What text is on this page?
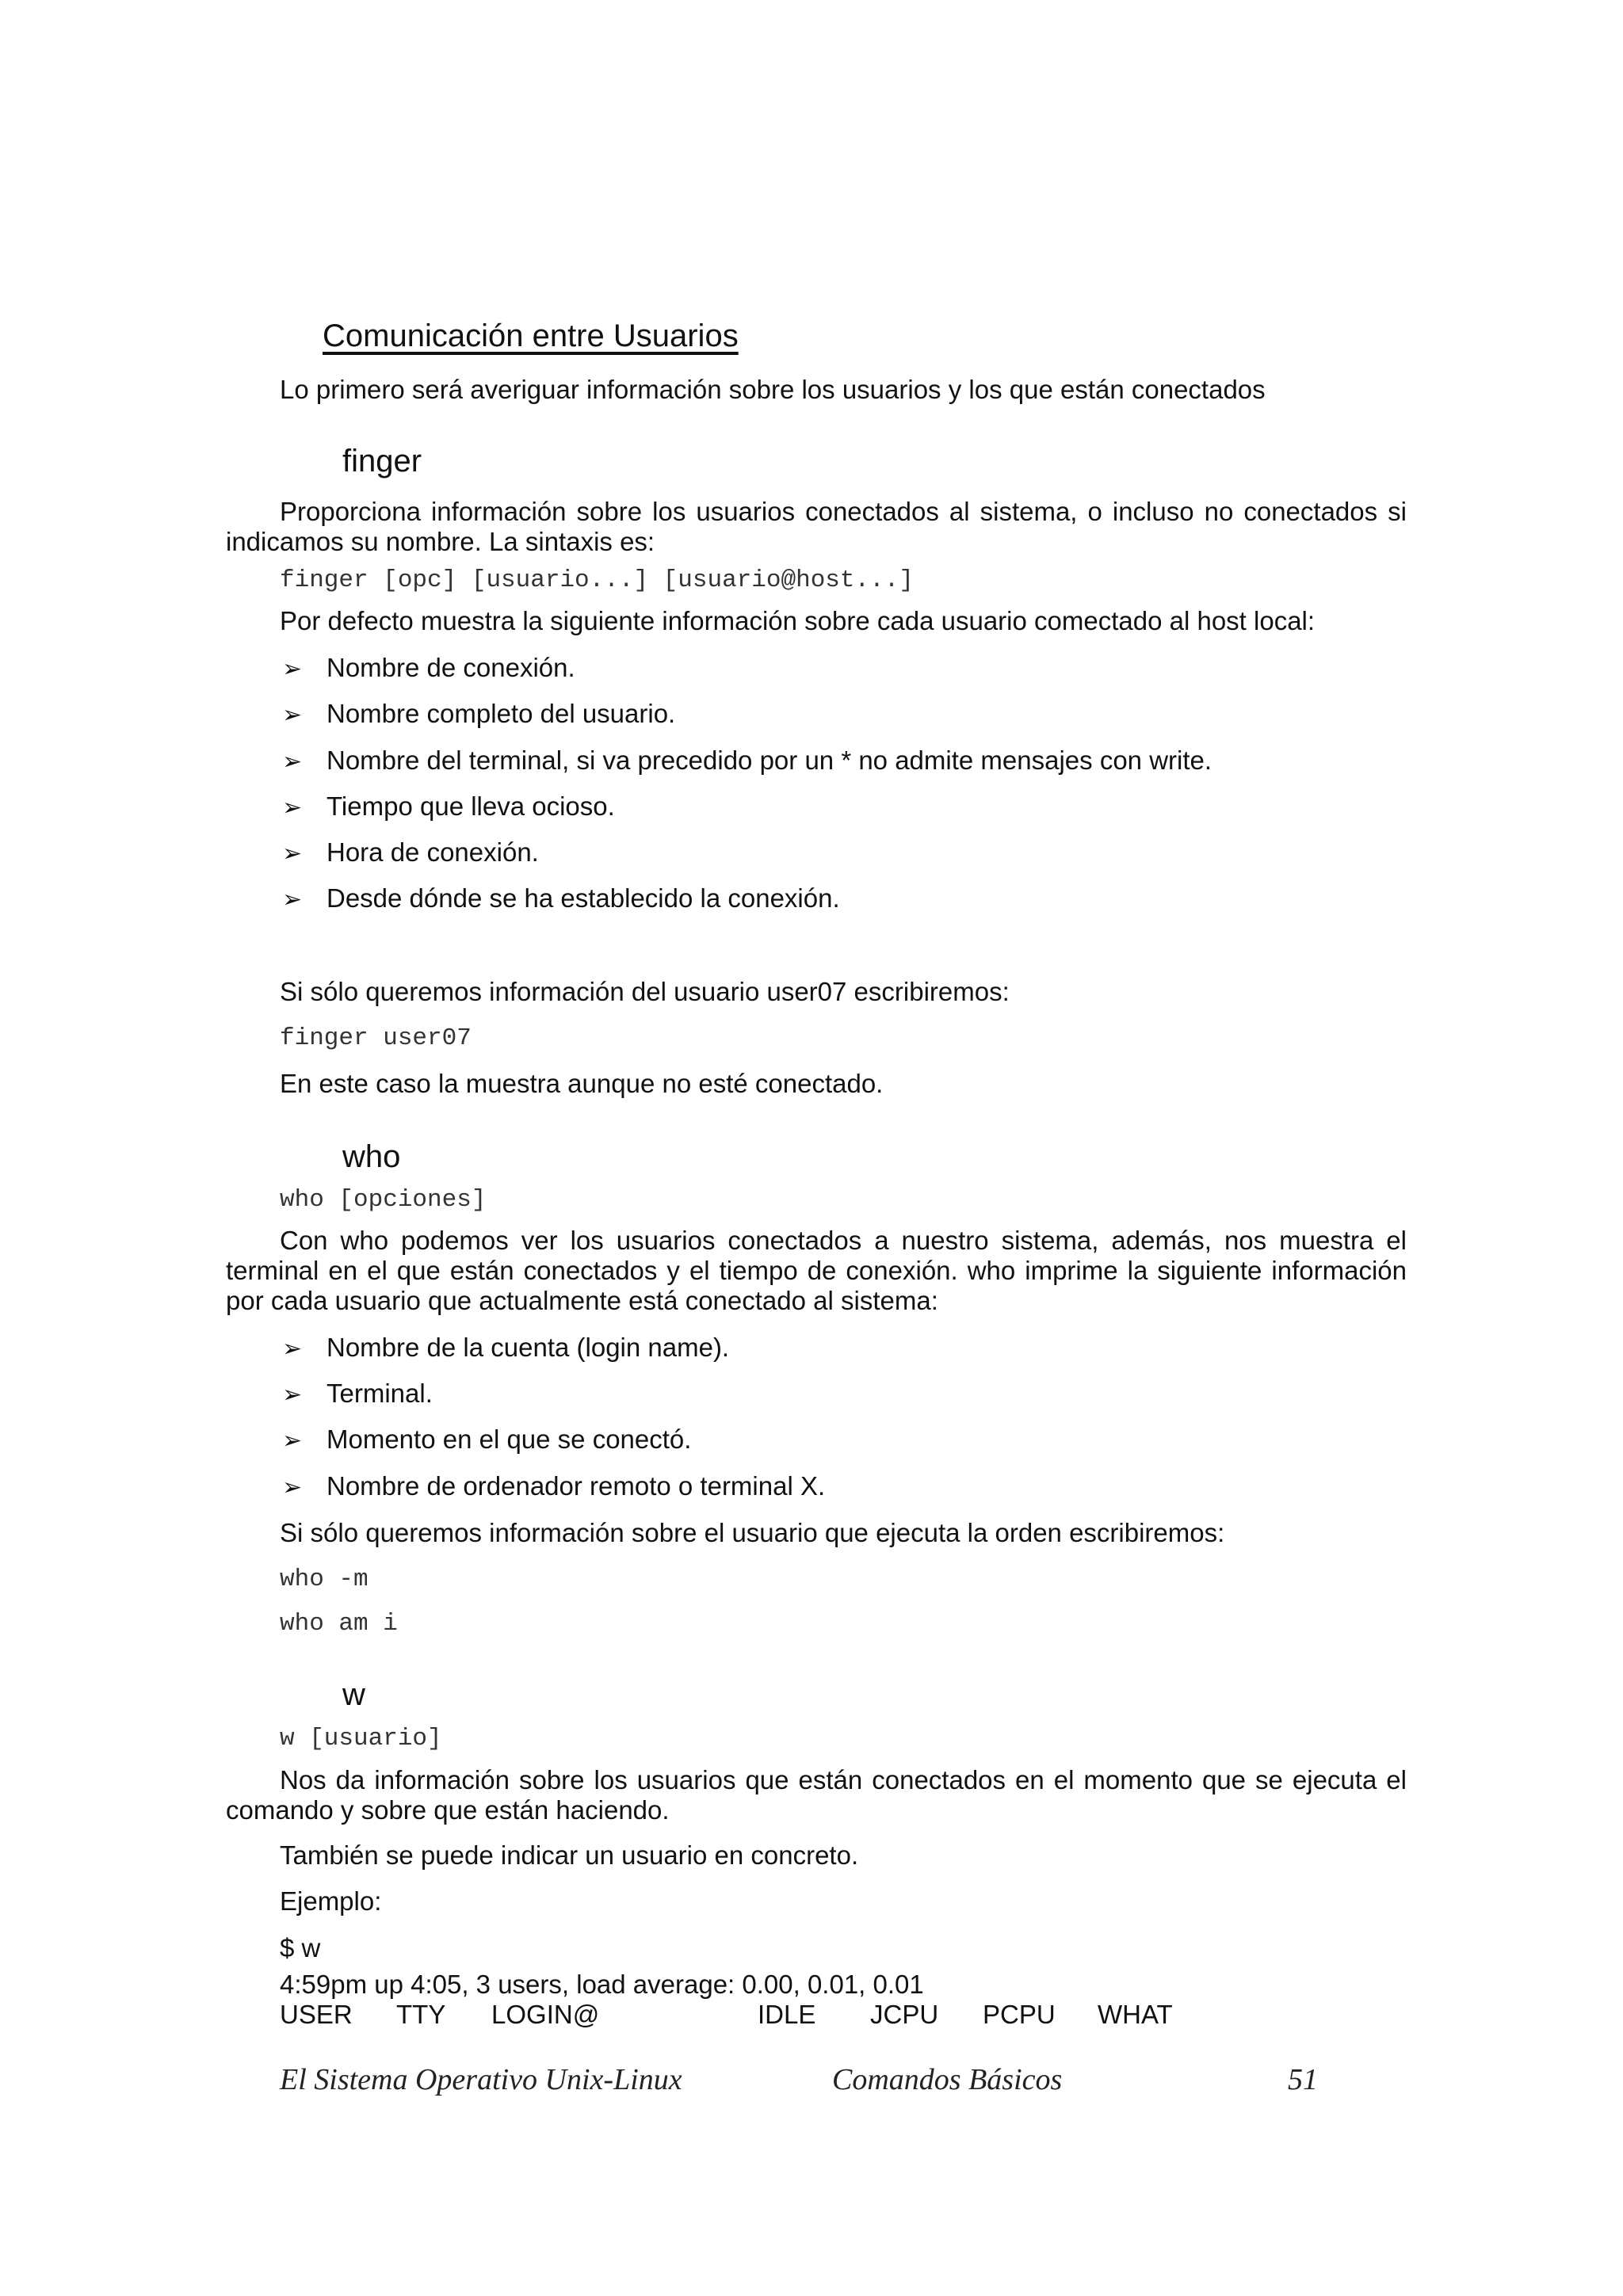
Comunicación entre Usuarios
Lo primero será averiguar información sobre los usuarios y los que están conectados
finger
Proporciona información sobre los usuarios conectados al sistema, o incluso no conectados si indicamos su nombre. La sintaxis es:
finger [opc] [usuario...] [usuario@host...]
Por defecto muestra la siguiente información sobre cada usuario comectado al host local:
➢ Nombre de conexión.
➢ Nombre completo del usuario.
➢ Nombre del terminal, si va precedido por un * no admite mensajes con write.
➢ Tiempo que lleva ocioso.
➢ Hora de conexión.
➢ Desde dónde se ha establecido la conexión.
Si sólo queremos información del usuario user07 escribiremos:
finger user07
En este caso la muestra aunque no esté conectado.
who
who [opciones]
Con who podemos ver los usuarios conectados a nuestro sistema, además, nos muestra el terminal en el que están conectados y el tiempo de conexión. who imprime la siguiente información por cada usuario que actualmente está conectado al sistema:
➢ Nombre de la cuenta (login name).
➢ Terminal.
➢ Momento en el que se conectó.
➢ Nombre de ordenador remoto o terminal X.
Si sólo queremos información sobre el usuario que ejecuta la orden escribiremos:
who -m
who am i
w
w [usuario]
Nos da información sobre los usuarios que están conectados en el momento que se ejecuta el comando y sobre que están haciendo.
También se puede indicar un usuario en concreto.
Ejemplo:
$ w
4:59pm up 4:05, 3 users, load average: 0.00, 0.01, 0.01
USER TTY LOGIN@	IDLE JCPU PCPU WHAT
El Sistema Operativo Unix-Linux	Comandos Básicos	51
